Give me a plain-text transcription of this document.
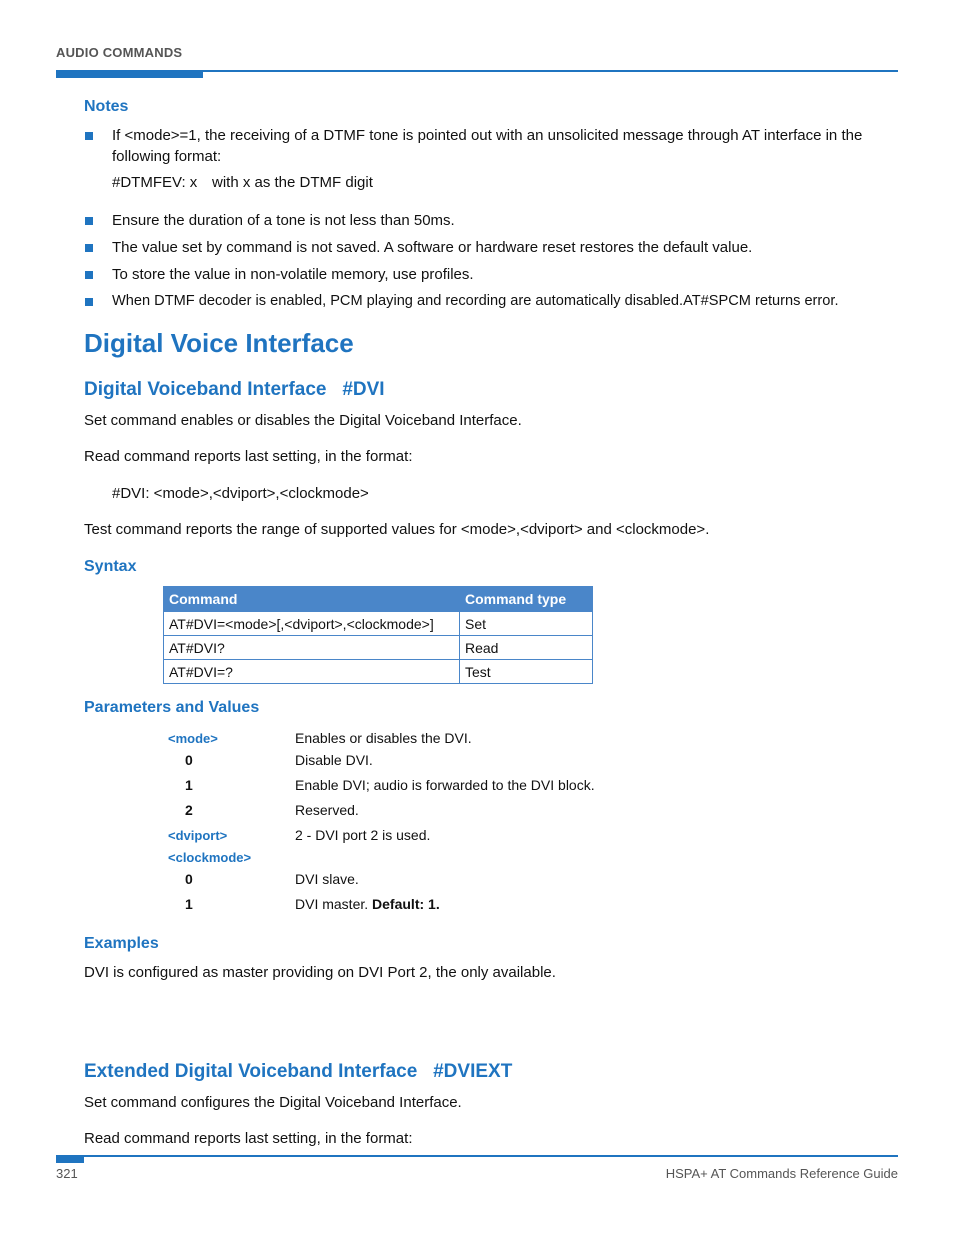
AUDIO COMMANDS
Notes
If <mode>=1, the receiving of a DTMF tone is pointed out with an unsolicited message through AT interface in the following format:
#DTMFEV: x with x as the DTMF digit
Ensure the duration of a tone is not less than 50ms.
The value set by command is not saved. A software or hardware reset restores the default value.
To store the value in non-volatile memory, use profiles.
When DTMF decoder is enabled, PCM playing and recording are automatically disabled.AT#SPCM returns error.
Digital Voice Interface
Digital Voiceband Interface   #DVI
Set command enables or disables the Digital Voiceband Interface.
Read command reports last setting, in the format:
#DVI: <mode>,<dviport>,<clockmode>
Test command reports the range of supported values for <mode>,<dviport> and <clockmode>.
Syntax
Command	Command type
AT#DVI=<mode>[,<dviport>,<clockmode>]	Set
AT#DVI?	Read
AT#DVI=?	Test
Parameters and Values
<mode>	Enables or disables the DVI.
0	Disable DVI.
1	Enable DVI; audio is forwarded to the DVI block.
2	Reserved.
<dviport>	2 - DVI port 2 is used.
<clockmode>
0	DVI slave.
1	DVI master. Default: 1.
Examples
DVI is configured as master providing on DVI Port 2, the only available.
Extended Digital Voiceband Interface   #DVIEXT
Set command configures the Digital Voiceband Interface.
Read command reports last setting, in the format:
321	HSPA+ AT Commands Reference Guide
